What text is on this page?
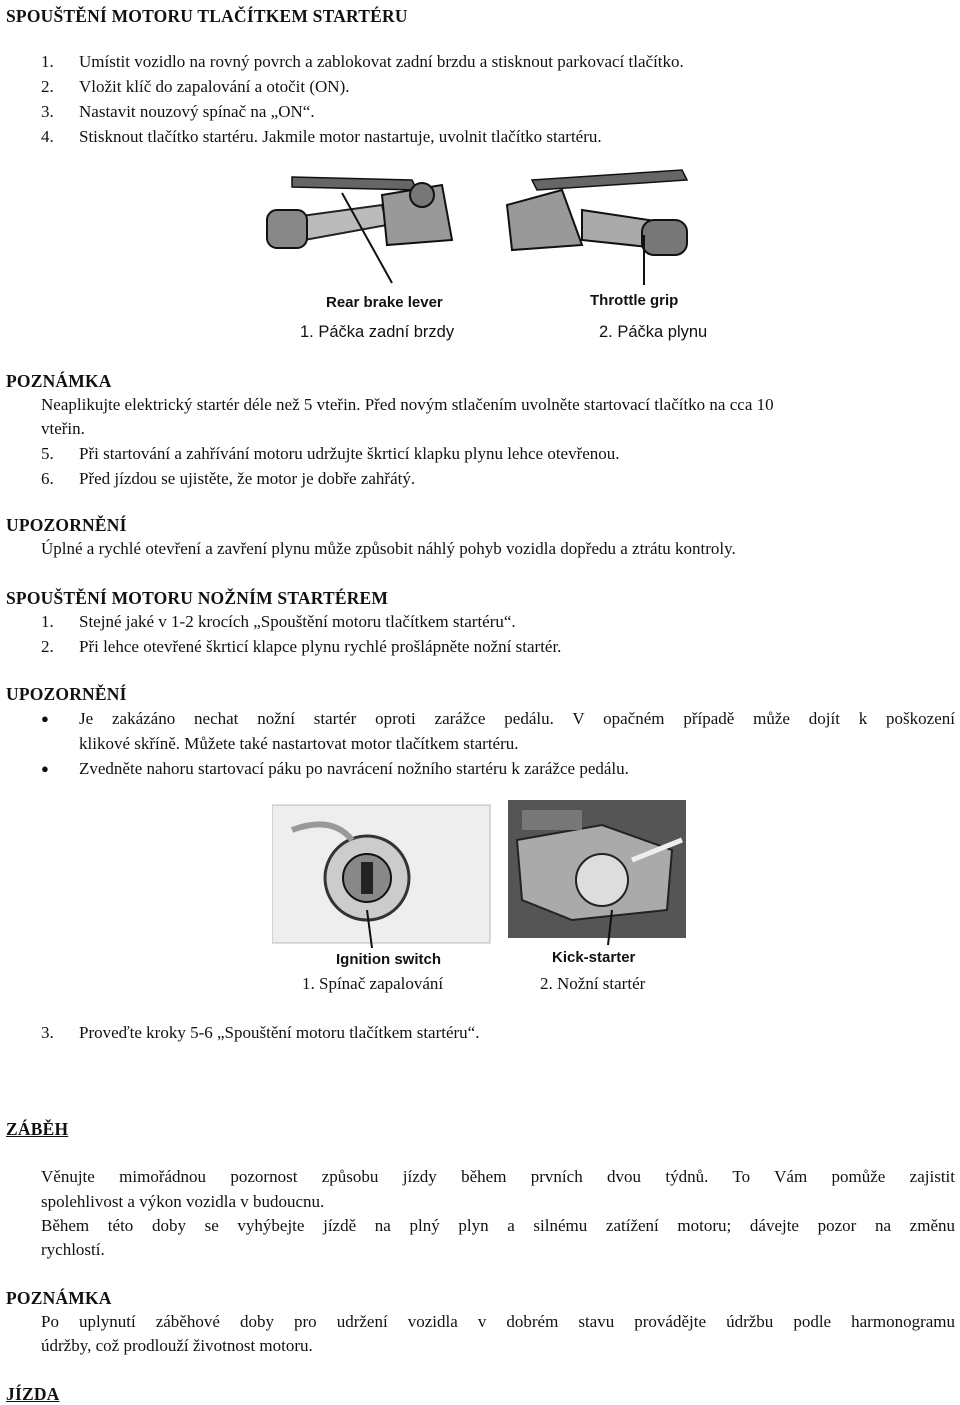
SPOUŠTĚNÍ MOTORU TLAČÍTKEM STARTÉRU
1. Umístit vozidlo na rovný povrch a zablokovat zadní brzdu a stisknout parkovací tlačítko.
2. Vložit klíč do zapalování a otočit (ON).
3. Nastavit nouzový spínač na „ON“.
4. Stisknout tlačítko startéru. Jakmile motor nastartuje, uvolnit tlačítko startéru.
Rear brake lever	Throttle grip
1. Páčka zadní brzdy	2. Páčka plynu
POZNÁMKA
Neaplikujte elektrický startér déle než 5 vteřin. Před novým stlačením uvolněte startovací tlačítko na cca 10
vteřin.
5. Při startování a zahřívání motoru udržujte škrticí klapku plynu lehce otevřenou.
6. Před jízdou se ujistěte, že motor je dobře zahřátý.
UPOZORNĚNÍ
Úplné a rychlé otevření a zavření plynu může způsobit náhlý pohyb vozidla dopředu a ztrátu kontroly.
SPOUŠTĚNÍ MOTORU NOŽNÍM STARTÉREM
1. Stejné jaké v 1-2 krocích „Spouštění motoru tlačítkem startéru“.
2. Při lehce otevřené škrticí klapce plynu rychlé prošlápněte nožní startér.
UPOZORNĚNÍ
● Je zakázáno nechat nožní startér oproti zarážce pedálu. V opačném případě může dojít k poškození
klikové skříně. Můžete také nastartovat motor tlačítkem startéru.
● Zvedněte nahoru startovací páku po navrácení nožního startéru k zarážce pedálu.
Ignition switch	Kick-starter
1. Spínač zapalování	2. Nožní startér
3. Proveďte kroky 5-6 „Spouštění motoru tlačítkem startéru“.
ZÁBĚH
Věnujte mimořádnou pozornost způsobu jízdy během prvních dvou týdnů. To Vám pomůže zajistit
spolehlivost a výkon vozidla v budoucnu.
Během této doby se vyhýbejte jízdě na plný plyn a silnému zatížení motoru; dávejte pozor na změnu
rychlostí.
POZNÁMKA
Po uplynutí záběhové doby pro udržení vozidla v dobrém stavu provádějte údržbu podle harmonogramu
údržby, což prodlouží životnost motoru.
JÍZDA
